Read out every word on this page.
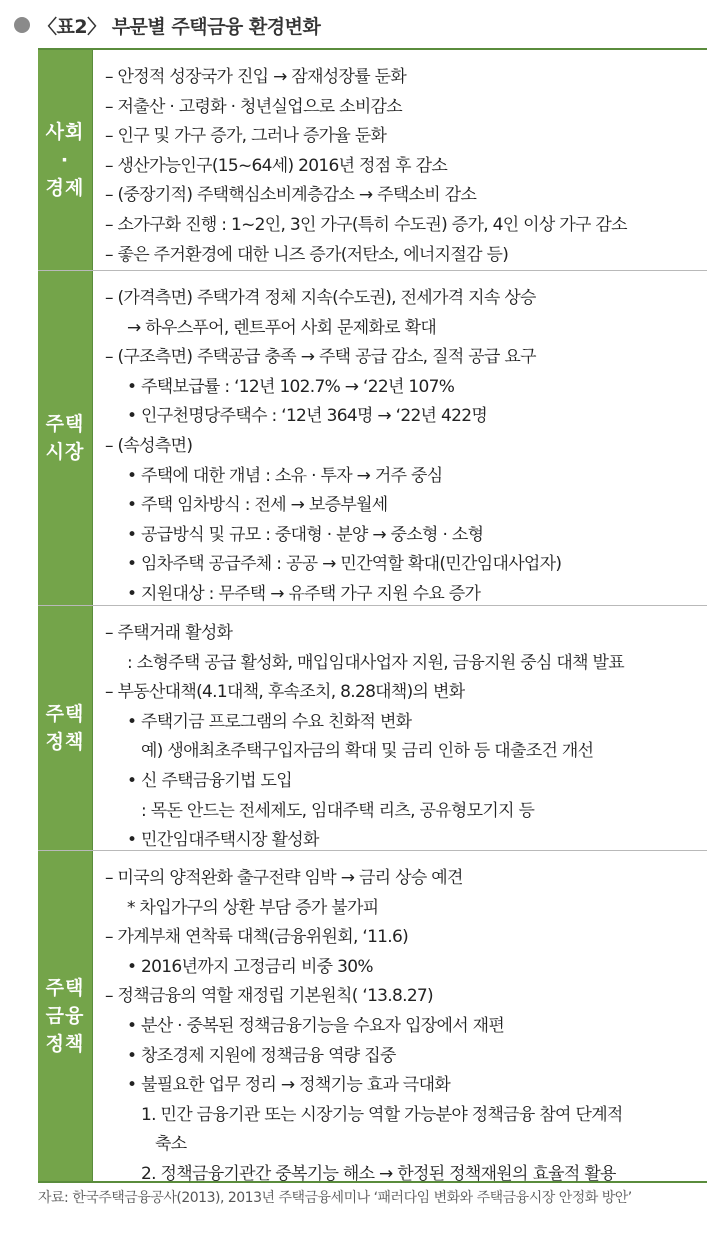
〈표2〉 부문별 주택금융 환경변화
사회
·
경제
– 안정적 성장국가 진입 → 잠재성장률 둔화
– 저출산 · 고령화 · 청년실업으로 소비감소
– 인구 및 가구 증가, 그러나 증가율 둔화
– 생산가능인구(15~64세) 2016년 정점 후 감소
– (중장기적) 주택핵심소비계층감소 → 주택소비 감소
– 소가구화 진행 : 1~2인, 3인 가구(특히 수도권) 증가, 4인 이상 가구 감소
– 좋은 주거환경에 대한 니즈 증가(저탄소, 에너지절감 등)
주택
시장
– (가격측면) 주택가격 정체 지속(수도권), 전세가격 지속 상승
→ 하우스푸어, 렌트푸어 사회 문제화로 확대
– (구조측면) 주택공급 충족 → 주택 공급 감소, 질적 공급 요구
• 주택보급률 : ‘12년 102.7% → ‘22년 107%
• 인구천명당주택수 : ‘12년 364명 → ‘22년 422명
– (속성측면)
• 주택에 대한 개념 : 소유 · 투자 → 거주 중심
• 주택 임차방식 : 전세 → 보증부월세
• 공급방식 및 규모 : 중대형 · 분양 → 중소형 · 소형
• 임차주택 공급주체 : 공공 → 민간역할 확대(민간임대사업자)
• 지원대상 : 무주택 → 유주택 가구 지원 수요 증가
주택
정책
– 주택거래 활성화
: 소형주택 공급 활성화, 매입임대사업자 지원, 금융지원 중심 대책 발표
– 부동산대책(4.1대책, 후속조치, 8.28대책)의 변화
• 주택기금 프로그램의 수요 친화적 변화
예) 생애최초주택구입자금의 확대 및 금리 인하 등 대출조건 개선
• 신 주택금융기법 도입
: 목돈 안드는 전세제도, 임대주택 리츠, 공유형모기지 등
• 민간임대주택시장 활성화
주택
금융
정책
– 미국의 양적완화 출구전략 임박 → 금리 상승 예견
* 차입가구의 상환 부담 증가 불가피
– 가계부채 연착륙 대책(금융위원회, ‘11.6)
• 2016년까지 고정금리 비중 30%
– 정책금융의 역할 재정립 기본원칙( ‘13.8.27)
• 분산 · 중복된 정책금융기능을 수요자 입장에서 재편
• 창조경제 지원에 정책금융 역량 집중
• 불필요한 업무 정리 → 정책기능 효과 극대화
1. 민간 금융기관 또는 시장기능 역할 가능분야 정책금융 참여 단계적
축소
2. 정책금융기관간 중복기능 해소 → 한정된 정책재원의 효율적 활용
자료: 한국주택금융공사(2013), 2013년 주택금융세미나 ‘패러다임 변화와 주택금융시장 안정화 방안’
